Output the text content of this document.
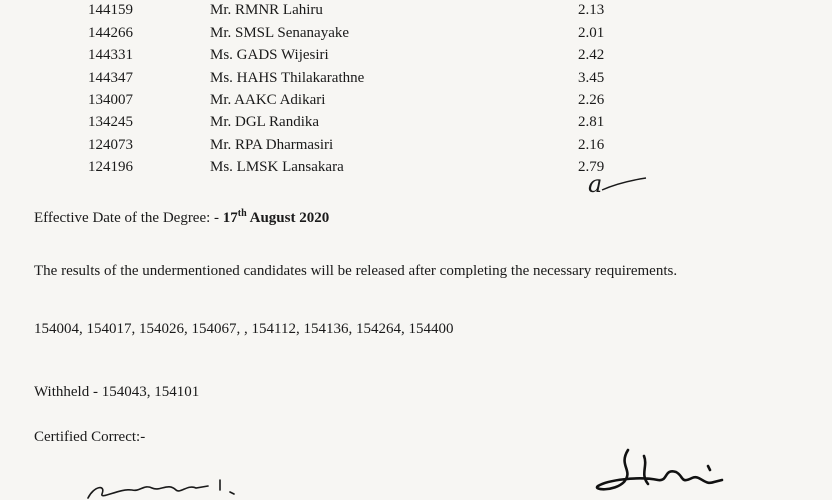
144159	Mr. RMNR Lahiru	2.13
144266	Mr. SMSL Senanayake	2.01
144331	Ms. GADS Wijesiri	2.42
144347	Ms. HAHS Thilakarathne	3.45
134007	Mr. AAKC Adikari	2.26
134245	Mr. DGL Randika	2.81
124073	Mr. RPA Dharmasiri	2.16
124196	Ms. LMSK Lansakara	2.79
a
Effective Date of the Degree: - 17th August 2020
The results of the undermentioned candidates will be released after completing the necessary requirements.
154004, 154017, 154026, 154067, , 154112, 154136, 154264, 154400
Withheld - 154043, 154101
Certified Correct:-
